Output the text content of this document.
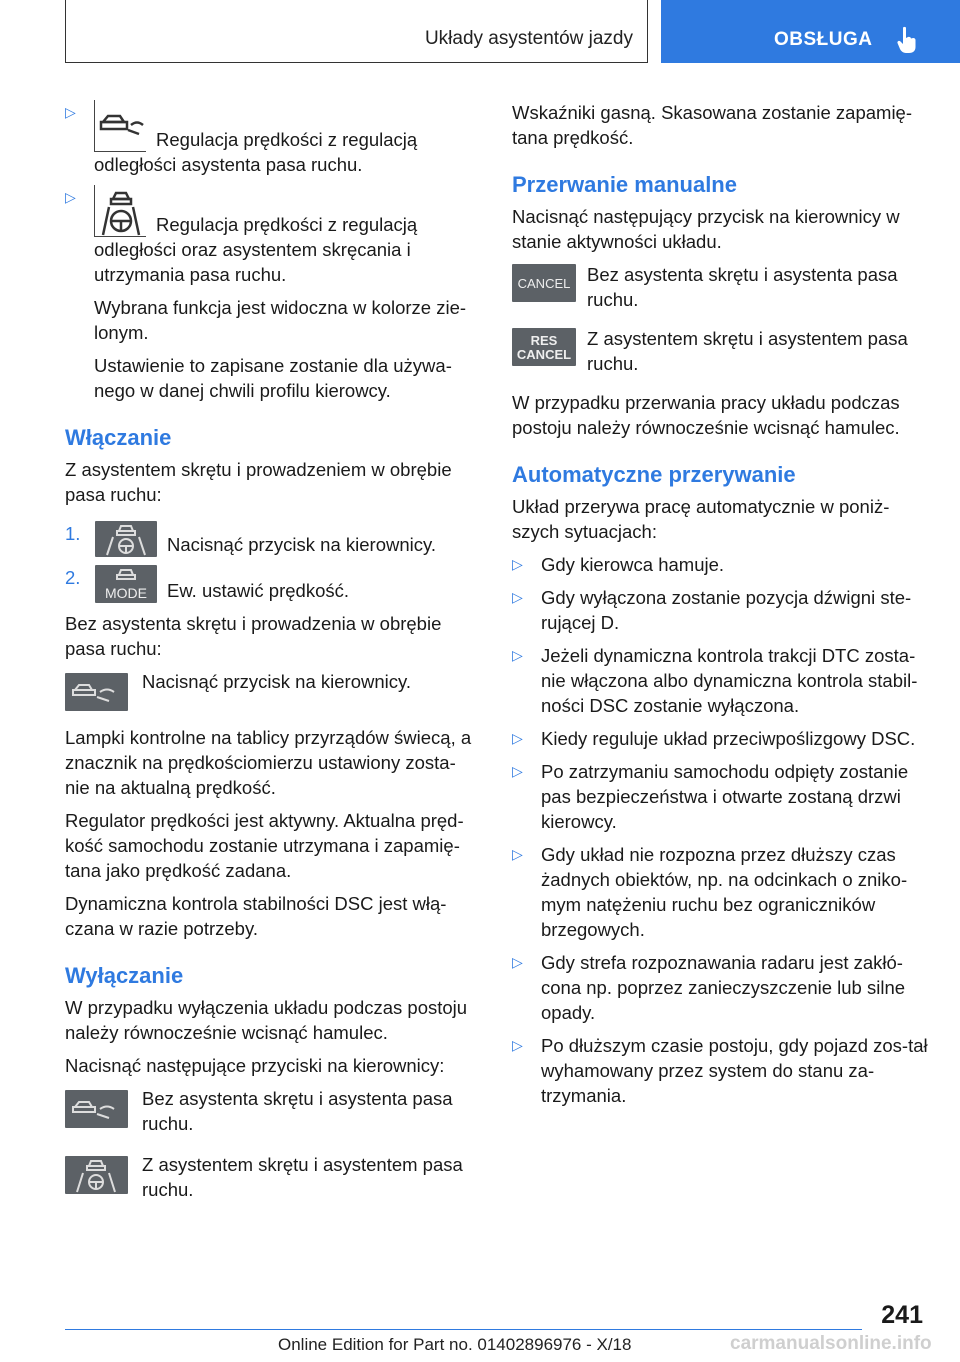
Układy asystentów jazdy	OBSŁUGA
▷
Regulacja prędkości z regulacją odległości asystenta pasa ruchu.
▷
Regulacja prędkości z regulacją odległości oraz asystentem skręcania i utrzymania pasa ruchu.

Wybrana funkcja jest widoczna w kolorze zie-lonym.

Ustawienie to zapisane zostanie dla używa-nego w danej chwili profilu kierowcy.

Włączanie

Z asystentem skrętu i prowadzeniem w obrębie pasa ruchu:

1.
Nacisnąć przycisk na kierownicy.
2.
MODE	Ew. ustawić prędkość.

Bez asystenta skrętu i prowadzenia w obrębie pasa ruchu:

Nacisnąć przycisk na kierownicy.

Lampki kontrolne na tablicy przyrządów świecą, a znacznik na prędkościomierzu ustawiony zosta-nie na aktualną prędkość.

Regulator prędkości jest aktywny. Aktualna pręd-kość samochodu zostanie utrzymana i zapamię-tana jako prędkość zadana.

Dynamiczna kontrola stabilności DSC jest włą-czana w razie potrzeby.

Wyłączanie

W przypadku wyłączenia układu podczas postoju należy równocześnie wcisnąć hamulec.

Nacisnąć następujące przyciski na kierownicy:

Bez asystenta skrętu i asystenta pasa ruchu.
Z asystentem skrętu i asystentem pasa ruchu.

Wskaźniki gasną. Skasowana zostanie zapamię-tana prędkość.

Przerwanie manualne

Nacisnąć następujący przycisk na kierownicy w stanie aktywności układu.

CANCEL Bez asystenta skrętu i asystenta pasa ruchu.
RES
CANCEL
Z asystentem skrętu i asystentem pasa ruchu.

W przypadku przerwania pracy układu podczas postoju należy równocześnie wcisnąć hamulec.

Automatyczne przerywanie

Układ przerywa pracę automatycznie w poniż-szych sytuacjach:

▷ Gdy kierowca hamuje.
▷ Gdy wyłączona zostanie pozycja dźwigni ste-rującej D.
▷ Jeżeli dynamiczna kontrola trakcji DTC zosta-nie włączona albo dynamiczna kontrola stabil-ności DSC zostanie wyłączona.
▷ Kiedy reguluje układ przeciwpoślizgowy DSC.
▷ Po zatrzymaniu samochodu odpięty zostanie pas bezpieczeństwa i otwarte zostaną drzwi kierowcy.
▷ Gdy układ nie rozpozna przez dłuższy czas żadnych obiektów, np. na odcinkach o zniko-mym natężeniu ruchu bez ograniczników brzegowych.
▷ Gdy strefa rozpoznawania radaru jest zakłó-cona np. poprzez zanieczyszczenie lub silne opady.
▷ Po dłuższym czasie postoju, gdy pojazd zos-tał wyhamowany przez system do stanu za-trzymania.
241
Online Edition for Part no. 01402896976 - X/18	carmanualsonline.info
